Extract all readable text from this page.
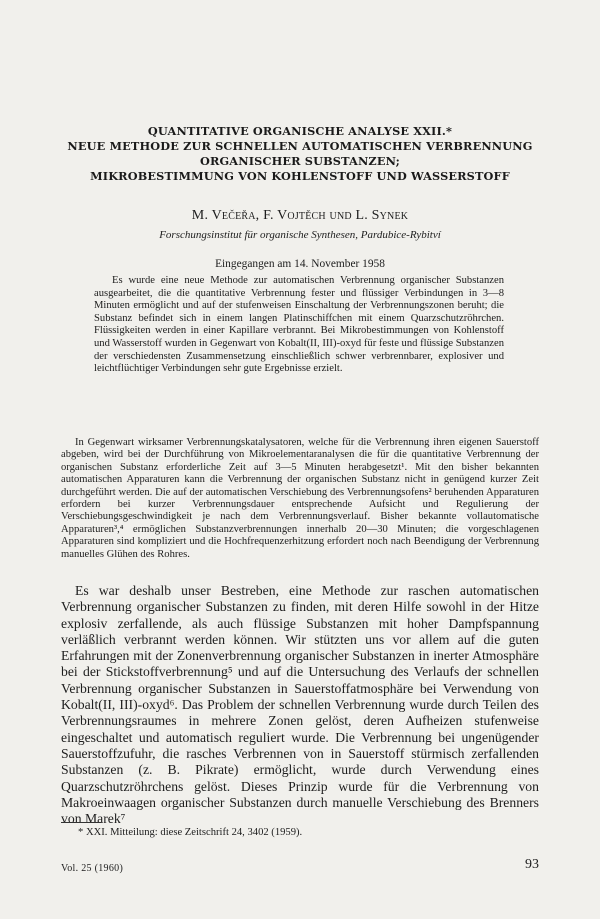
QUANTITATIVE ORGANISCHE ANALYSE XXII.*
NEUE METHODE ZUR SCHNELLEN AUTOMATISCHEN VERBRENNUNG
ORGANISCHER SUBSTANZEN;
MIKROBESTIMMUNG VON KOHLENSTOFF UND WASSERSTOFF
M. Večeřa, F. Vojtěch und L. Synek
Forschungsinstitut für organische Synthesen, Pardubice-Rybitví
Eingegangen am 14. November 1958

Es wurde eine neue Methode zur automatischen Verbrennung organischer Substanzen ausgearbeitet, die die quantitative Verbrennung fester und flüssiger Verbindungen in 3—8 Minuten ermöglicht und auf der stufenweisen Einschaltung der Verbrennungszonen beruht; die Substanz befindet sich in einem langen Platinschiffchen mit einem Quarzschutzröhrchen. Flüssigkeiten werden in einer Kapillare verbrannt. Bei Mikrobestimmungen von Kohlenstoff und Wasserstoff wurden in Gegenwart von Kobalt(II, III)-oxyd für feste und flüssige Substanzen der verschiedensten Zusammensetzung einschließlich schwer verbrennbarer, explosiver und leichtflüchtiger Verbindungen sehr gute Ergebnisse erzielt.

In Gegenwart wirksamer Verbrennungskatalysatoren, welche für die Verbrennung ihren eigenen Sauerstoff abgeben, wird bei der Durchführung von Mikroelementaranalysen die für die quantitative Verbrennung der organischen Substanz erforderliche Zeit auf 3—5 Minuten herabgesetzt¹. Mit den bisher bekannten automatischen Apparaturen kann die Verbrennung der organischen Substanz nicht in genügend kurzer Zeit durchgeführt werden. Die auf der automatischen Verschiebung des Verbrennungsofens² beruhenden Apparaturen erfordern bei kurzer Verbrennungsdauer entsprechende Aufsicht und Regulierung der Verschiebungsgeschwindigkeit je nach dem Verbrennungsverlauf. Bisher bekannte vollautomatische Apparaturen³,⁴ ermöglichen Substanzverbrennungen innerhalb 20—30 Minuten; die vorgeschlagenen Apparaturen sind kompliziert und die Hochfrequenzerhitzung erfordert noch nach Beendigung der Verbrennung manuelles Glühen des Rohres.

Es war deshalb unser Bestreben, eine Methode zur raschen automatischen Verbrennung organischer Substanzen zu finden, mit deren Hilfe sowohl in der Hitze explosiv zerfallende, als auch flüssige Substanzen mit hoher Dampfspannung verläßlich verbrannt werden können. Wir stützten uns vor allem auf die guten Erfahrungen mit der Zonenverbrennung organischer Substanzen in inerter Atmosphäre bei der Stickstoffverbrennung⁵ und auf die Untersuchung des Verlaufs der schnellen Verbrennung organischer Substanzen in Sauerstoffatmosphäre bei Verwendung von Kobalt(II, III)-oxyd⁶. Das Problem der schnellen Verbrennung wurde durch Teilen des Verbrennungsraumes in mehrere Zonen gelöst, deren Aufheizen stufenweise eingeschaltet und automatisch reguliert wurde. Die Verbrennung bei ungenügender Sauerstoffzufuhr, die rasches Verbrennen von in Sauerstoff stürmisch zerfallenden Substanzen (z. B. Pikrate) ermöglicht, wurde durch Verwendung eines Quarzschutzröhrchens gelöst. Dieses Prinzip wurde für die Verbrennung von Makroeinwaagen organischer Substanzen durch manuelle Verschiebung des Brenners von Marek⁷

* XXI. Mitteilung: diese Zeitschrift 24, 3402 (1959).
Vol. 25 (1960)	93
